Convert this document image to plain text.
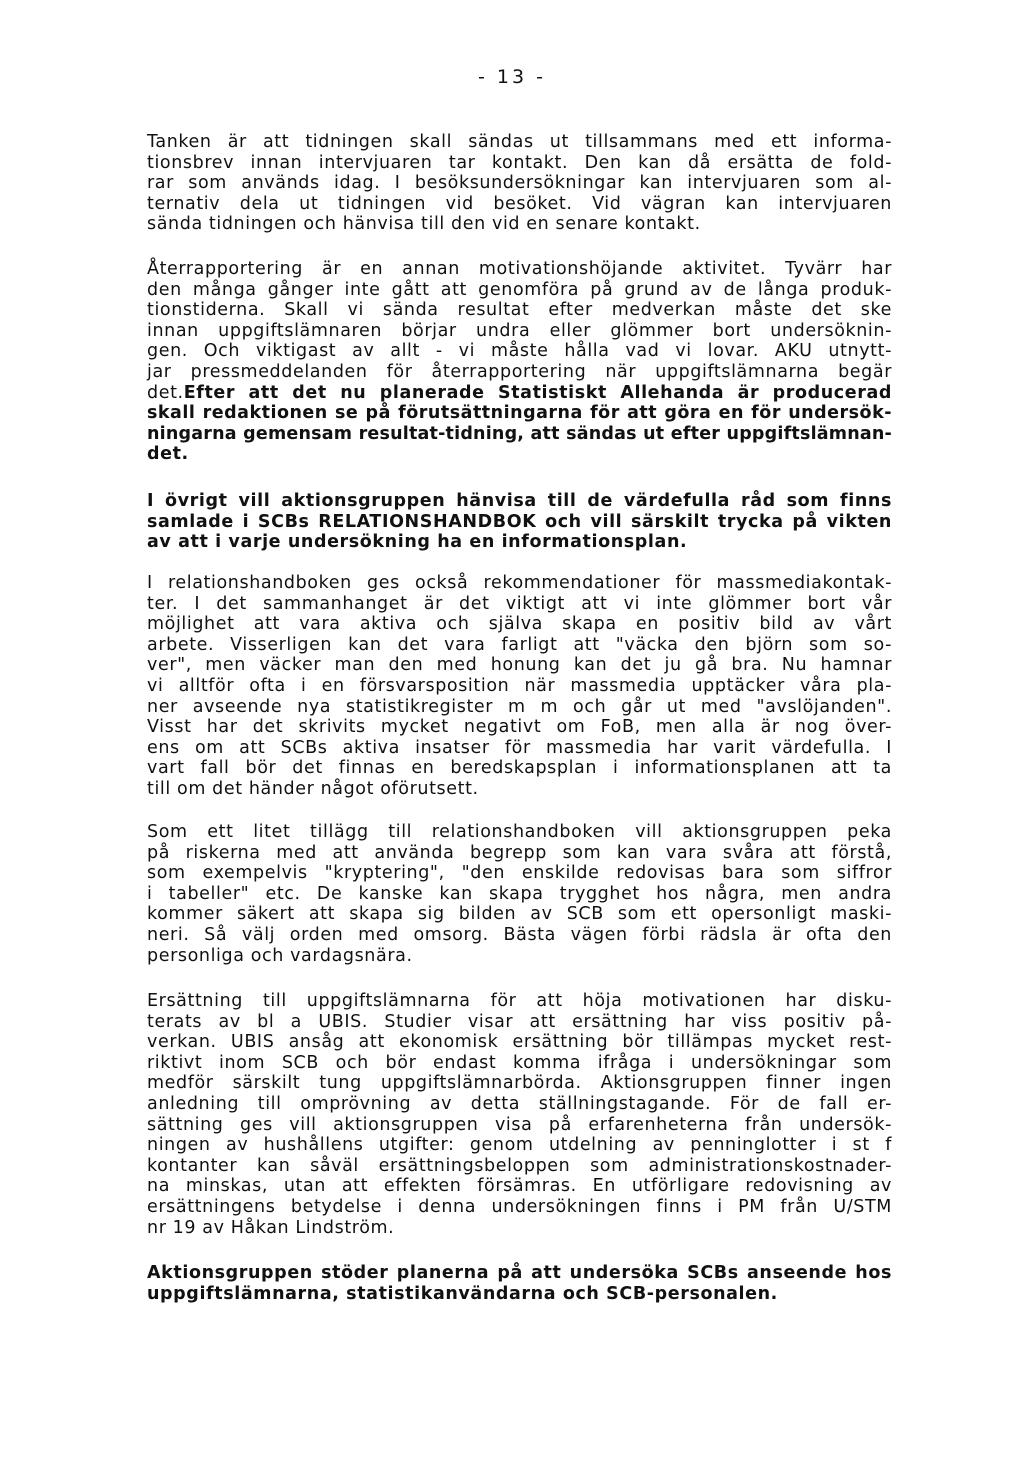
- 13 -
Tanken är att tidningen skall sändas ut tillsammans med ett informa-
tionsbrev innan intervjuaren tar kontakt. Den kan då ersätta de fold-
rar som används idag. I besöksundersökningar kan intervjuaren som al-
ternativ dela ut tidningen vid besöket. Vid vägran kan intervjuaren
sända tidningen och hänvisa till den vid en senare kontakt.
Återrapportering är en annan motivationshöjande aktivitet. Tyvärr har
den många gånger inte gått att genomföra på grund av de långa produk-
tionstiderna. Skall vi sända resultat efter medverkan måste det ske
innan uppgiftslämnaren börjar undra eller glömmer bort undersöknin-
gen. Och viktigast av allt - vi måste hålla vad vi lovar. AKU utnytt-
jar pressmeddelanden för återrapportering när uppgiftslämnarna begär
det.Efter att det nu planerade Statistiskt Allehanda är producerad
skall redaktionen se på förutsättningarna för att göra en för undersök-
ningarna gemensam resultat-tidning, att sändas ut efter uppgiftslämnan-
det.
I övrigt vill aktionsgruppen hänvisa till de värdefulla råd som finns
samlade i SCBs RELATIONSHANDBOK och vill särskilt trycka på vikten
av att i varje undersökning ha en informationsplan.
I relationshandboken ges också rekommendationer för massmediakontak-
ter. I det sammanhanget är det viktigt att vi inte glömmer bort vår
möjlighet att vara aktiva och själva skapa en positiv bild av vårt
arbete. Visserligen kan det vara farligt att "väcka den björn som so-
ver", men väcker man den med honung kan det ju gå bra. Nu hamnar
vi alltför ofta i en försvarsposition när massmedia upptäcker våra pla-
ner avseende nya statistikregister m m och går ut med "avslöjanden".
Visst har det skrivits mycket negativt om FoB, men alla är nog över-
ens om att SCBs aktiva insatser för massmedia har varit värdefulla. I
vart fall bör det finnas en beredskapsplan i informationsplanen att ta
till om det händer något oförutsett.
Som ett litet tillägg till relationshandboken vill aktionsgruppen peka
på riskerna med att använda begrepp som kan vara svåra att förstå,
som exempelvis "kryptering", "den enskilde redovisas bara som siffror
i tabeller" etc. De kanske kan skapa trygghet hos några, men andra
kommer säkert att skapa sig bilden av SCB som ett opersonligt maski-
neri. Så välj orden med omsorg. Bästa vägen förbi rädsla är ofta den
personliga och vardagsnära.
Ersättning till uppgiftslämnarna för att höja motivationen har disku-
terats av bl a UBIS. Studier visar att ersättning har viss positiv på-
verkan. UBIS ansåg att ekonomisk ersättning bör tillämpas mycket rest-
riktivt inom SCB och bör endast komma ifråga i undersökningar som
medför särskilt tung uppgiftslämnarbörda. Aktionsgruppen finner ingen
anledning till omprövning av detta ställningstagande. För de fall er-
sättning ges vill aktionsgruppen visa på erfarenheterna från undersök-
ningen av hushållens utgifter: genom utdelning av penninglotter i st f
kontanter kan såväl ersättningsbeloppen som administrationskostnader-
na minskas, utan att effekten försämras. En utförligare redovisning av
ersättningens betydelse i denna undersökningen finns i PM från U/STM
nr 19 av Håkan Lindström.
Aktionsgruppen stöder planerna på att undersöka SCBs anseende hos
uppgiftslämnarna, statistikanvändarna och SCB-personalen.
